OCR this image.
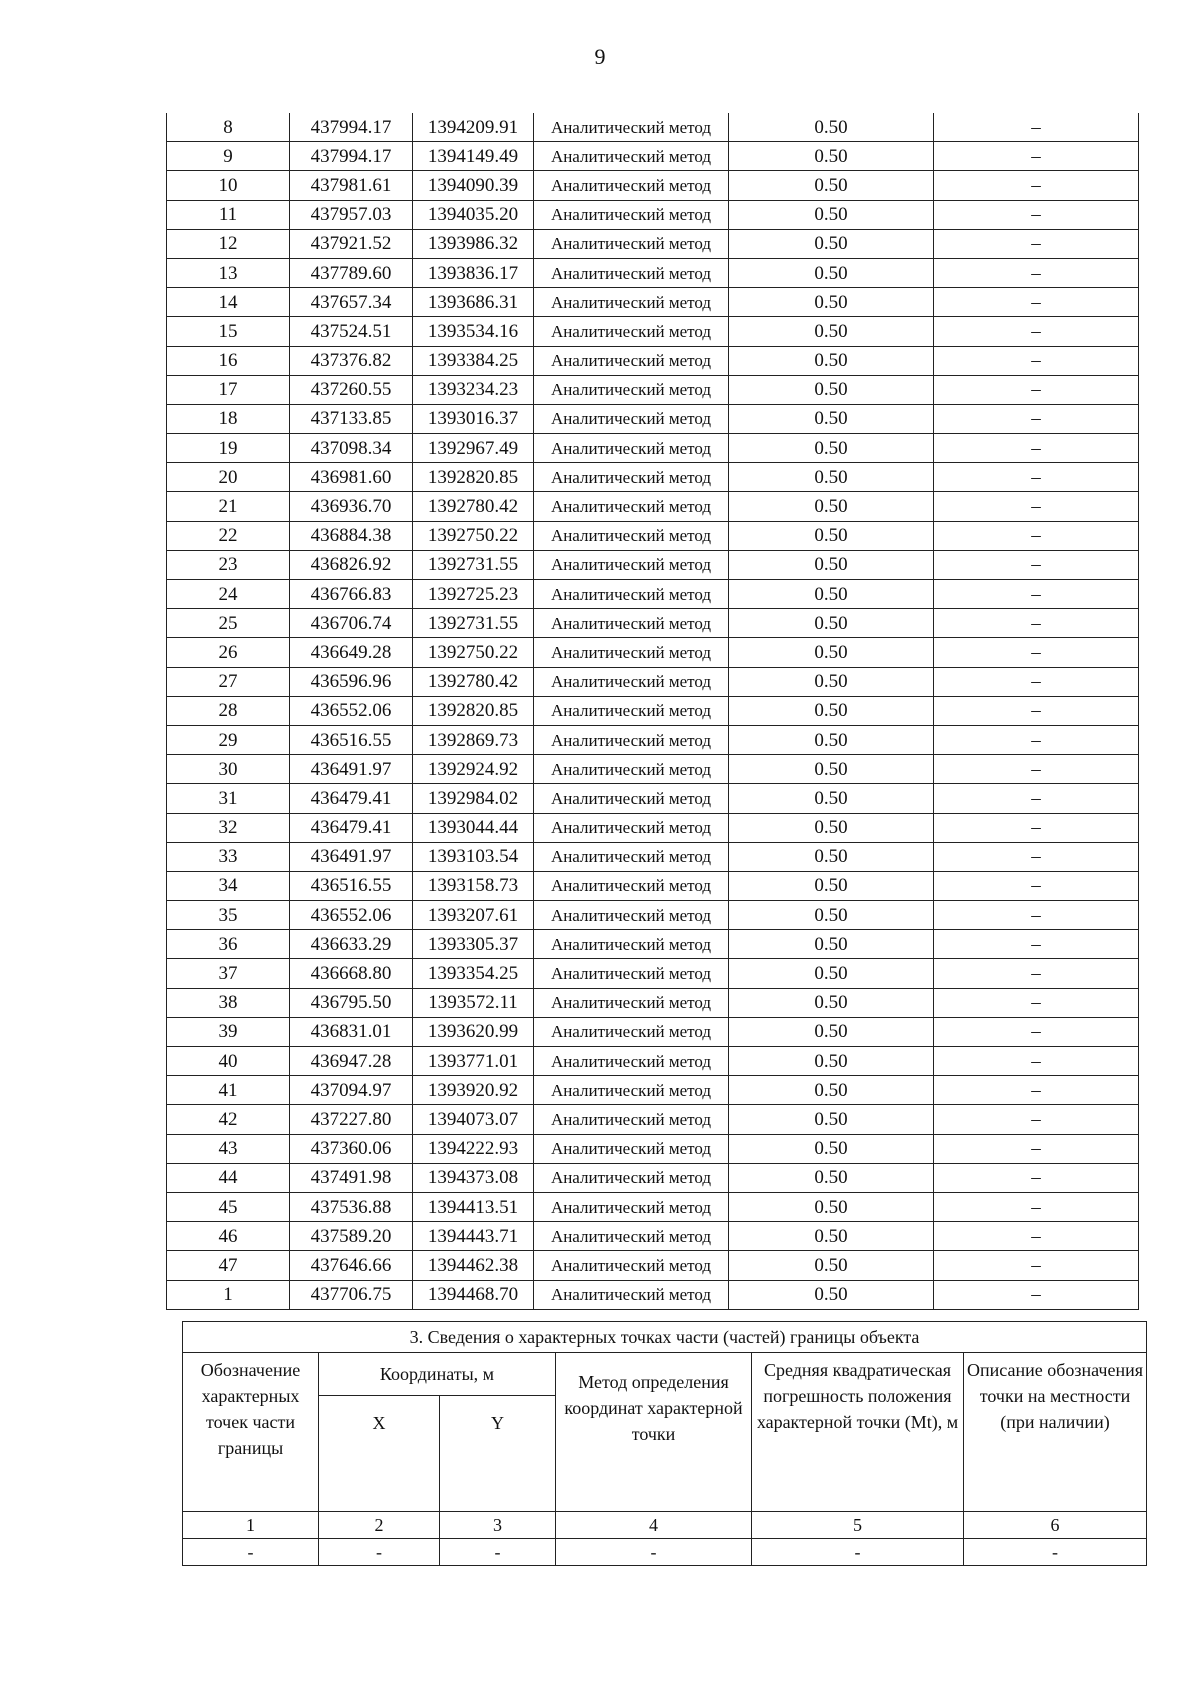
9
8	437994.17	1394209.91	Аналитический метод	0.50	–
9	437994.17	1394149.49	Аналитический метод	0.50	–
10	437981.61	1394090.39	Аналитический метод	0.50	–
11	437957.03	1394035.20	Аналитический метод	0.50	–
12	437921.52	1393986.32	Аналитический метод	0.50	–
13	437789.60	1393836.17	Аналитический метод	0.50	–
14	437657.34	1393686.31	Аналитический метод	0.50	–
15	437524.51	1393534.16	Аналитический метод	0.50	–
16	437376.82	1393384.25	Аналитический метод	0.50	–
17	437260.55	1393234.23	Аналитический метод	0.50	–
18	437133.85	1393016.37	Аналитический метод	0.50	–
19	437098.34	1392967.49	Аналитический метод	0.50	–
20	436981.60	1392820.85	Аналитический метод	0.50	–
21	436936.70	1392780.42	Аналитический метод	0.50	–
22	436884.38	1392750.22	Аналитический метод	0.50	–
23	436826.92	1392731.55	Аналитический метод	0.50	–
24	436766.83	1392725.23	Аналитический метод	0.50	–
25	436706.74	1392731.55	Аналитический метод	0.50	–
26	436649.28	1392750.22	Аналитический метод	0.50	–
27	436596.96	1392780.42	Аналитический метод	0.50	–
28	436552.06	1392820.85	Аналитический метод	0.50	–
29	436516.55	1392869.73	Аналитический метод	0.50	–
30	436491.97	1392924.92	Аналитический метод	0.50	–
31	436479.41	1392984.02	Аналитический метод	0.50	–
32	436479.41	1393044.44	Аналитический метод	0.50	–
33	436491.97	1393103.54	Аналитический метод	0.50	–
34	436516.55	1393158.73	Аналитический метод	0.50	–
35	436552.06	1393207.61	Аналитический метод	0.50	–
36	436633.29	1393305.37	Аналитический метод	0.50	–
37	436668.80	1393354.25	Аналитический метод	0.50	–
38	436795.50	1393572.11	Аналитический метод	0.50	–
39	436831.01	1393620.99	Аналитический метод	0.50	–
40	436947.28	1393771.01	Аналитический метод	0.50	–
41	437094.97	1393920.92	Аналитический метод	0.50	–
42	437227.80	1394073.07	Аналитический метод	0.50	–
43	437360.06	1394222.93	Аналитический метод	0.50	–
44	437491.98	1394373.08	Аналитический метод	0.50	–
45	437536.88	1394413.51	Аналитический метод	0.50	–
46	437589.20	1394443.71	Аналитический метод	0.50	–
47	437646.66	1394462.38	Аналитический метод	0.50	–
1	437706.75	1394468.70	Аналитический метод	0.50	–
3. Сведения о характерных точках части (частей) границы объекта					
Обозначение характерных точек части границы	Координаты, м		Метод определения координат характерной точки	Средняя квадратическая погрешность положения характерной точки (Mt), м	Описание обозначения точки на местности (при наличии)
	X	Y			
1	2	3	4	5	6
-	-	-	-	-	-
